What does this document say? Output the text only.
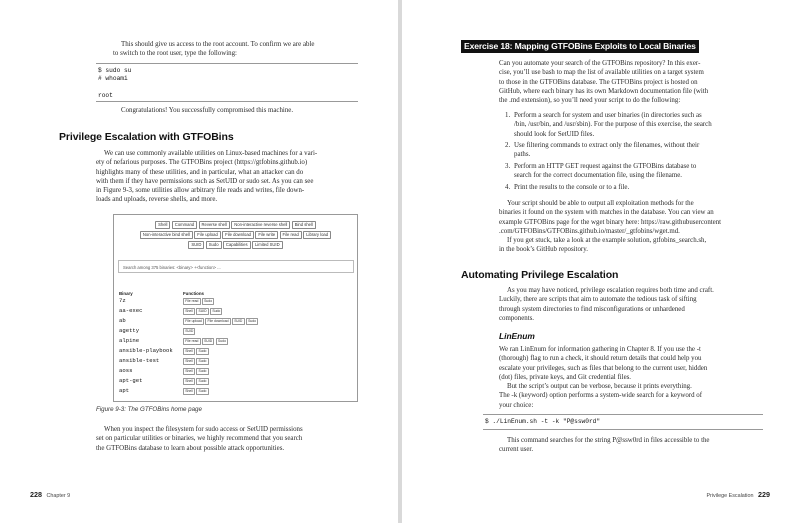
This should give us access to the root account. To confirm we are able
to switch to the root user, type the following:
$ sudo su
# whoami
root
Congratulations! You successfully compromised this machine.
Privilege Escalation with GTFOBins
We can use commonly available utilities on Linux-based machines for a vari-
ety of nefarious purposes. The GTFOBins project (https://gtfobins.github.io)
highlights many of these utilities, and in particular, what an attacker can do
with them if they have permissions such as SetUID or sudo set. As you can see
in Figure 9-3, some utilities allow arbitrary file reads and writes, file down-
loads and uploads, reverse shells, and more.
Shell Command Reverse shell Non-interactive reverse shell Bind shell
Non-interactive bind shell File upload File download File write File read Library load
SUID Sudo Capabilities Limited SUID
Search among 375 binaries: <binary> +<function> ...
Binary	Functions
7z	File read Sudo
aa-exec	Shell SUID Sudo
ab	File upload File download SUID Sudo
agetty	SUID
alpine	File read SUID Sudo
ansible-playbook	Shell Sudo
ansible-test	Shell Sudo
aoss	Shell Sudo
apt-get	Shell Sudo
apt	Shell Sudo
Figure 9-3: The GTFOBins home page
When you inspect the filesystem for sudo access or SetUID permissions
set on particular utilities or binaries, we highly recommend that you search
the GTFOBins database to learn about possible attack opportunities.
228 Chapter 9
Exercise 18: Mapping GTFOBins Exploits to Local Binaries
Can you automate your search of the GTFOBins repository? In this exer-
cise, you’ll use bash to map the list of available utilities on a target system
to those in the GTFOBins database. The GTFOBins project is hosted on
GitHub, where each binary has its own Markdown documentation file (with
the .md extension), so you’ll need your script to do the following:
1. Perform a search for system and user binaries (in directories such as
/bin, /usr/bin, and /usr/sbin). For the purpose of this exercise, the search
should look for SetUID files.
2. Use filtering commands to extract only the filenames, without their
paths.
3. Perform an HTTP GET request against the GTFOBins database to
search for the correct documentation file, using the filename.
4. Print the results to the console or to a file.
Your script should be able to output all exploitation methods for the
binaries it found on the system with matches in the database. You can view an
example GTFOBins page for the wget binary here: https://raw.githubusercontent
.com/GTFOBins/GTFOBins.github.io/master/_gtfobins/wget.md.
If you get stuck, take a look at the example solution, gtfobins_search.sh,
in the book’s GitHub repository.
Automating Privilege Escalation
As you may have noticed, privilege escalation requires both time and craft.
Luckily, there are scripts that aim to automate the tedious task of sifting
through system directories to find misconfigurations or unhardened
components.
LinEnum
We ran LinEnum for information gathering in Chapter 8. If you use the -t
(thorough) flag to run a check, it should return details that could help you
escalate your privileges, such as files that belong to the current user, hidden
(dot) files, private keys, and Git credential files.
But the script’s output can be verbose, because it prints everything.
The -k (keyword) option performs a system-wide search for a keyword of
your choice:
$ ./LinEnum.sh -t -k "P@ssw0rd"
This command searches for the string P@ssw0rd in files accessible to the
current user.
Privilege Escalation 229
